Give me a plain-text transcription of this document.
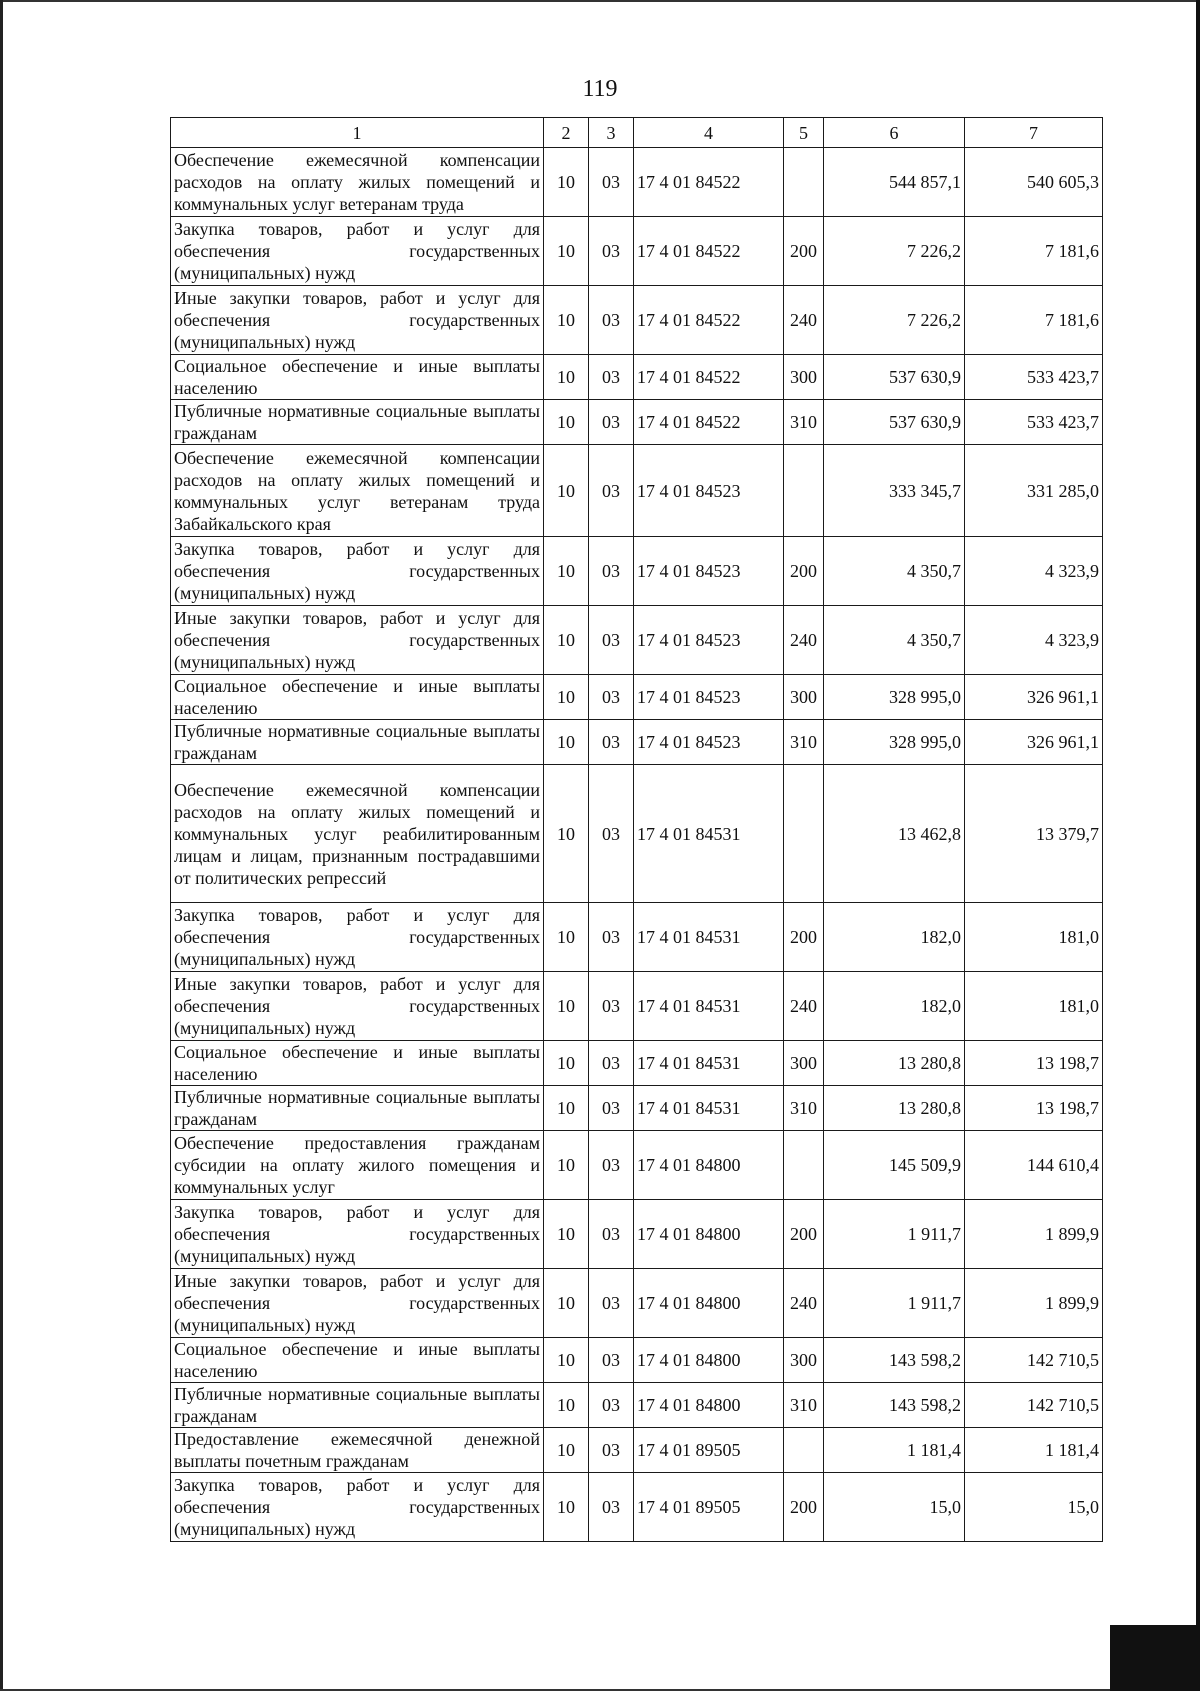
119
1	2	3	4	5	6	7
Обеспечение ежемесячной компенсации расходов на оплату жилых помещений и коммунальных услуг ветеранам труда	10	03	17 4 01 84522		544 857,1	540 605,3
Закупка товаров, работ и услуг для обеспечения государственных (муниципальных) нужд	10	03	17 4 01 84522	200	7 226,2	7 181,6
Иные закупки товаров, работ и услуг для обеспечения государственных (муниципальных) нужд	10	03	17 4 01 84522	240	7 226,2	7 181,6
Социальное обеспечение и иные выплаты населению	10	03	17 4 01 84522	300	537 630,9	533 423,7
Публичные нормативные социальные выплаты гражданам	10	03	17 4 01 84522	310	537 630,9	533 423,7
Обеспечение ежемесячной компенсации расходов на оплату жилых помещений и коммунальных услуг ветеранам труда Забайкальского края	10	03	17 4 01 84523		333 345,7	331 285,0
Закупка товаров, работ и услуг для обеспечения государственных (муниципальных) нужд	10	03	17 4 01 84523	200	4 350,7	4 323,9
Иные закупки товаров, работ и услуг для обеспечения государственных (муниципальных) нужд	10	03	17 4 01 84523	240	4 350,7	4 323,9
Социальное обеспечение и иные выплаты населению	10	03	17 4 01 84523	300	328 995,0	326 961,1
Публичные нормативные социальные выплаты гражданам	10	03	17 4 01 84523	310	328 995,0	326 961,1
Обеспечение ежемесячной компенсации расходов на оплату жилых помещений и коммунальных услуг реабилитированным лицам и лицам, признанным пострадавшими от политических репрессий	10	03	17 4 01 84531		13 462,8	13 379,7
Закупка товаров, работ и услуг для обеспечения государственных (муниципальных) нужд	10	03	17 4 01 84531	200	182,0	181,0
Иные закупки товаров, работ и услуг для обеспечения государственных (муниципальных) нужд	10	03	17 4 01 84531	240	182,0	181,0
Социальное обеспечение и иные выплаты населению	10	03	17 4 01 84531	300	13 280,8	13 198,7
Публичные нормативные социальные выплаты гражданам	10	03	17 4 01 84531	310	13 280,8	13 198,7
Обеспечение предоставления гражданам субсидии на оплату жилого помещения и коммунальных услуг	10	03	17 4 01 84800		145 509,9	144 610,4
Закупка товаров, работ и услуг для обеспечения государственных (муниципальных) нужд	10	03	17 4 01 84800	200	1 911,7	1 899,9
Иные закупки товаров, работ и услуг для обеспечения государственных (муниципальных) нужд	10	03	17 4 01 84800	240	1 911,7	1 899,9
Социальное обеспечение и иные выплаты населению	10	03	17 4 01 84800	300	143 598,2	142 710,5
Публичные нормативные социальные выплаты гражданам	10	03	17 4 01 84800	310	143 598,2	142 710,5
Предоставление ежемесячной денежной выплаты почетным гражданам	10	03	17 4 01 89505		1 181,4	1 181,4
Закупка товаров, работ и услуг для обеспечения государственных (муниципальных) нужд	10	03	17 4 01 89505	200	15,0	15,0
